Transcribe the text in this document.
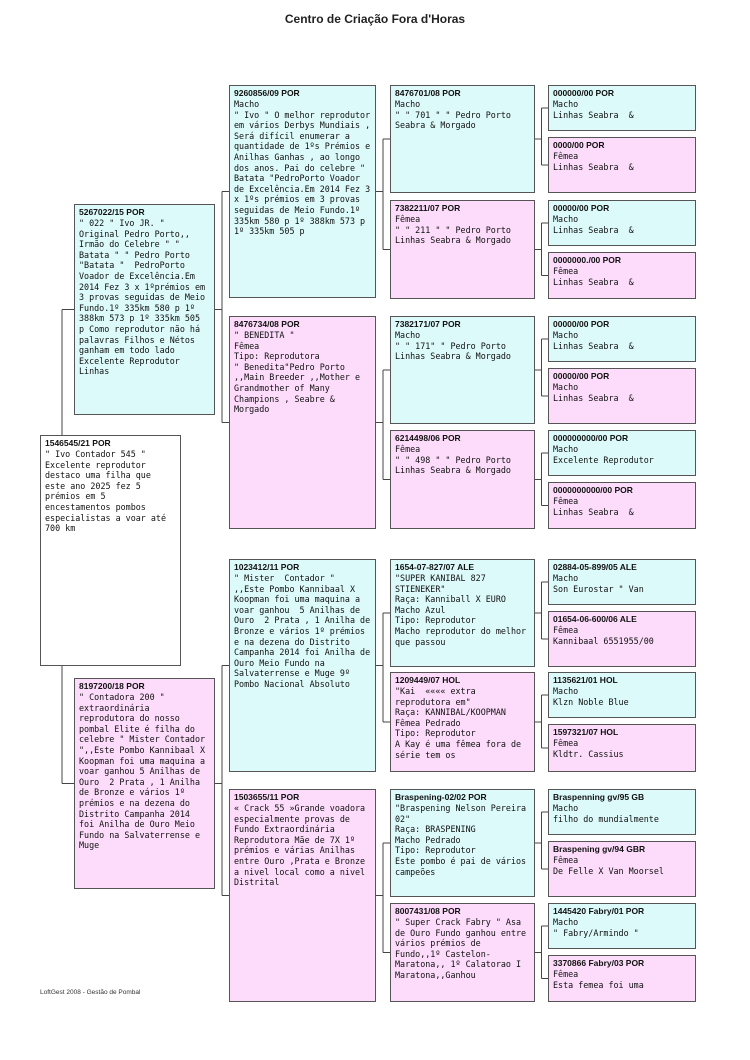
Centro de Criação Fora d'Horas
1546545/21 POR
" Ivo Contador 545 "
Excelente reprodutor destaco uma filha que este ano 2025 fez 5 prémios em 5 encestamentos pombos especialistas a voar até 700 km
5267022/15 POR
" 022 " Ivo JR. "
Original Pedro Porto,,  Irmão do Celebre " " Batata " " Pedro Porto "Batata "  PedroPorto Voador de Excelência.Em 2014 Fez 3 x 1ºprémios em 3 provas seguidas de Meio Fundo.1º 335km 580 p 1º 388km 573 p 1º 335km 505 p Como reprodutor não há palavras Filhos e Nétos ganham em todo lado  Excelente Reprodutor Linhas
8197200/18 POR
" Contadora 200 "
extraordinária reprodutora do nosso pombal Elite é filha do celebre " Mister Contador ",,Este Pombo Kannibaal X Koopman foi uma maquina a voar ganhou 5 Anilhas de Ouro  2 Prata , 1 Anilha de Bronze e vários 1º prémios e na dezena do Distrito Campanha 2014 foi Anilha de Ouro Meio Fundo na Salvaterrense e Muge
9260856/09 POR
Macho
" Ivo " O melhor reprodutor em vários Derbys Mundiais , Será difícil enumerar a quantidade de 1ºs Prémios e  Anilhas Ganhas , ao longo dos anos. Pai do celebre " Batata "PedroPorto Voador de Excelência.Em 2014 Fez 3 x 1ºs prémios em 3 provas seguidas de Meio Fundo.1º 335km 580 p 1º 388km 573 p 1º 335km 505 p
8476734/08 POR
" BENEDITA "
Fêmea
Tipo: Reprodutora
" Benedita"Pedro Porto ,,Main Breeder ,,Mother e Grandmother of Many Champions , Seabre & Morgado
1023412/11 POR
" Mister  Contador "
,,Este Pombo Kannibaal X Koopman foi uma maquina a voar ganhou  5 Anilhas de Ouro  2 Prata , 1 Anilha de Bronze e vários 1º prémios e na dezena do Distrito Campanha 2014 foi Anilha de Ouro Meio Fundo na Salvaterrense e Muge 9º Pombo Nacional Absoluto
1503655/11 POR
« Crack 55 »Grande voadora especialmente provas de Fundo Extraordinária Reprodutora Mãe de 7X 1º  prémios e várias Anilhas entre Ouro ,Prata e Bronze a nivel local como a nivel Distrital
8476701/08 POR
Macho
" " 701 " " Pedro Porto  Seabra & Morgado
7382211/07 POR
Fêmea
" " 211 " " Pedro Porto Linhas Seabra & Morgado
7382171/07 POR
Macho
" " 171" " Pedro Porto   Linhas Seabra & Morgado
6214498/06 POR
Fêmea
" " 498 " " Pedro Porto Linhas Seabra & Morgado
1654-07-827/07 ALE
"SUPER KANIBAL 827 STIENEKER"
Raça: Kanniball X EURO
Macho Azul
Tipo: Reprodutor
Macho reprodutor do melhor que passou
1209449/07 HOL
"Kai  «««« extra reprodutora em"
Raça: KANNIBAL/KOOPMAN
Fêmea Pedrado
Tipo: Reprodutor
A Kay é uma fêmea fora de série tem os
Braspening-02/02 POR
"Braspening Nelson Pereira 02"
Raça: BRASPENING
Macho Pedrado
Tipo: Reprodutor
Este pombo é pai de vários campeões
8007431/08 POR
" Super Crack Fabry " Asa de Ouro Fundo ganhou entre vários prémios de Fundo,,1º Castelon-Maratona,, 1º Calatorao I Maratona,,Ganhou
000000/00 POR
Macho
Linhas Seabra  &
0000/00 POR
Fêmea
Linhas Seabra  &
00000/00 POR
Macho
Linhas Seabra  &
0000000./00 POR
Fêmea
Linhas Seabra  &
00000/00 POR
Macho
Linhas Seabra  &
00000/00 POR
Macho
Linhas Seabra  &
000000000/00 POR
Macho
Excelente Reprodutor
0000000000/00 POR
Fêmea
Linhas Seabra  &
02884-05-899/05 ALE
Macho
Son Eurostar " Van
01654-06-600/06 ALE
Fêmea
Kannibaal 6551955/00
1135621/01 HOL
Macho
Klzn Noble Blue
1597321/07 HOL
Fêmea
Kldtr. Cassius
Braspenning gv/95 GB
Macho
filho do mundialmente
Braspening gv/94 GBR
Fêmea
De Felle X Van Moorsel
1445420 Fabry/01 POR
Macho
" Fabry/Armindo "
3370866 Fabry/03 POR
Fêmea
Esta femea foi uma
LoftGest 2008 - Gestão de Pombal
